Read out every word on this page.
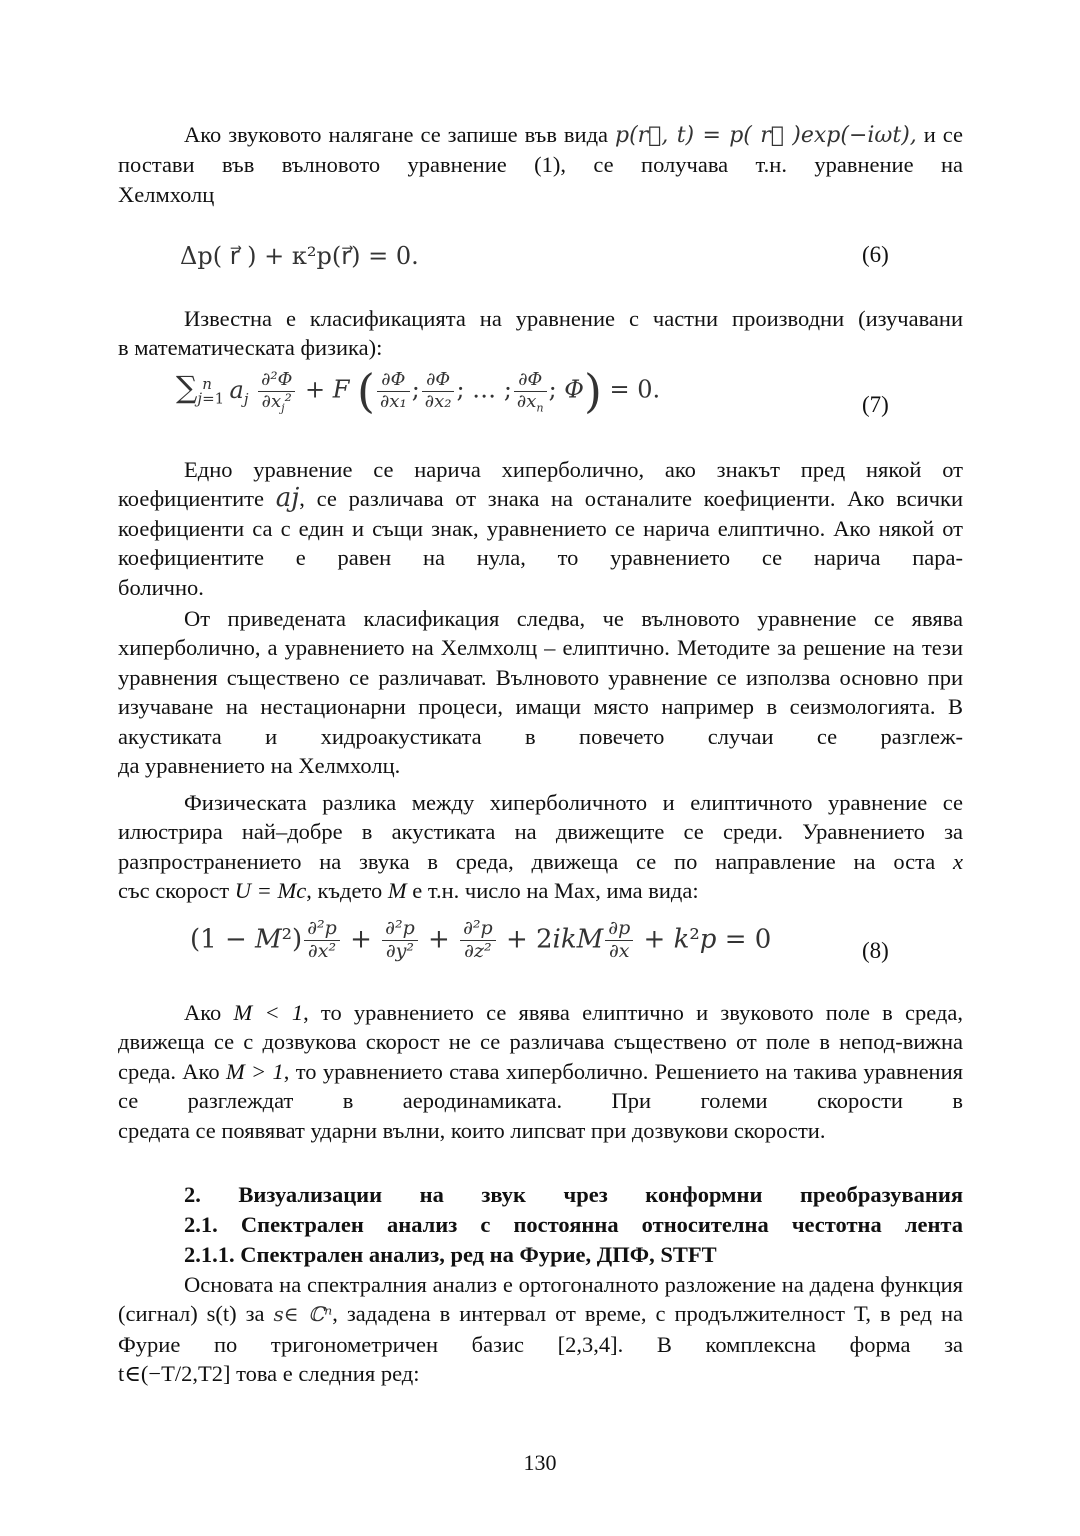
Ако звуковото налягане се запише във вида p(r⃗, t) = p( r⃗ )exp(−iωt), и се постави във вълновото уравнение (1), се получава т.н. уравнение на
Хелмхолц

Δp( r⃗ ) + к²p(r⃗) = 0.	(6)

Известна е класификацията на уравнение с частни производни (изучавани
в математическата физика):

$\sum_{j=1}^n$ $a_j \frac{\text{∂²Φ}}{\partial x_j^2} + F$ ( $\frac{\partial\Phi}{\text{∂x₁}}$ ; $\frac{\partial\Phi}{\text{∂x₂}}$ ; … ; $\frac{\partial\Phi}{\partial x_n}$ ; Φ) = 0.
(7)

Едно уравнение се нарича хиперболично, ако знакът пред някой от коефициентите aj, се различава от знака на останалите коефициенти. Ако всички коефициенти са с един и същи знак, уравнението се нарича елиптично. Ако някой от коефициентите е равен на нула, то уравнението се нарича пара-
болично.

От приведената класификация следва, че вълновото уравнение се явява хиперболично, а уравнението на Хелмхолц – елиптично. Методите за решение на тези уравнения съществено се различават. Вълновото уравнение се използва основно при изучаване на нестационарни процеси, имащи място например в сеизмологията. В акустиката и хидроакустиката в повечето случаи се разглеж-
да уравнението на Хелмхолц.

Физическата разлика между хиперболичното и елиптичното уравнение се илюстрира най–добре в акустиката на движещите се среди. Уравнението за разпространението на звука в среда, движеща се по направление на оста x
със скорост U = Mc, където M е т.н. число на Мах, има вида:

$(1 - M^2) \frac{\text{∂²p}}{\text{∂x²}} + \frac{\text{∂²p}}{\text{∂y²}} + \frac{\text{∂²p}}{\text{∂z²}} + 2ikM \frac{\partial p}{\partial x} + k^2p = 0$	(8)

Ако M < 1, то уравнението се явява елиптично и звуковото поле в среда, движеща се с дозвукова скорост не се различава съществено от поле в непод-вижна среда. Ако M > 1, то уравнението става хиперболично. Решението на такива уравнения се разглеждат в аеродинамиката. При големи скорости в
средата се появяват ударни вълни, които липсват при дозвукови скорости.

2. Визуализации на звук чрез конформни преобразувания

2.1. Спектрален анализ с постоянна относителна честотна лента

2.1.1. Спектрален анализ, ред на Фурие, ДПФ, STFT

Основата на спектралния анализ е ортогоналното разложение на дадена функция (сигнал) s(t) за s∈ ℂⁿ, зададена в интервал от време, с продължителност Т, в ред на Фурие по тригонометричен базис [2,3,4]. В комплексна форма за
t∈(−T/2,T2] това е следния ред:

130
